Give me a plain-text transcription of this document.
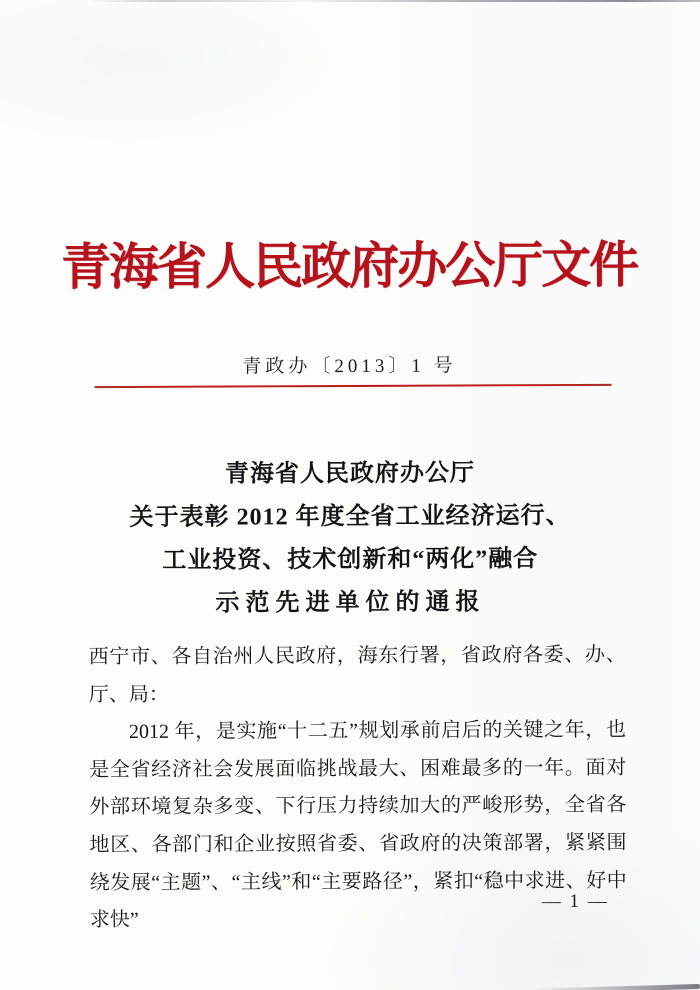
青海省人民政府办公厅文件
青政办〔2013〕1 号
青海省人民政府办公厅
关于表彰 2012 年度全省工业经济运行、
工业投资、技术创新和“两化”融合
示范先进单位的通报

西宁市、各自治州人民政府，海东行署，省政府各委、办、厅、局：

2012 年，是实施“十二五”规划承前启后的关键之年，也是全省经济社会发展面临挑战最大、困难最多的一年。面对外部环境复杂多变、下行压力持续加大的严峻形势，全省各地区、各部门和企业按照省委、省政府的决策部署，紧紧围绕发展“主题”、“主线”和“主要路径”，紧扣“稳中求进、好中求快”

— 1 —
